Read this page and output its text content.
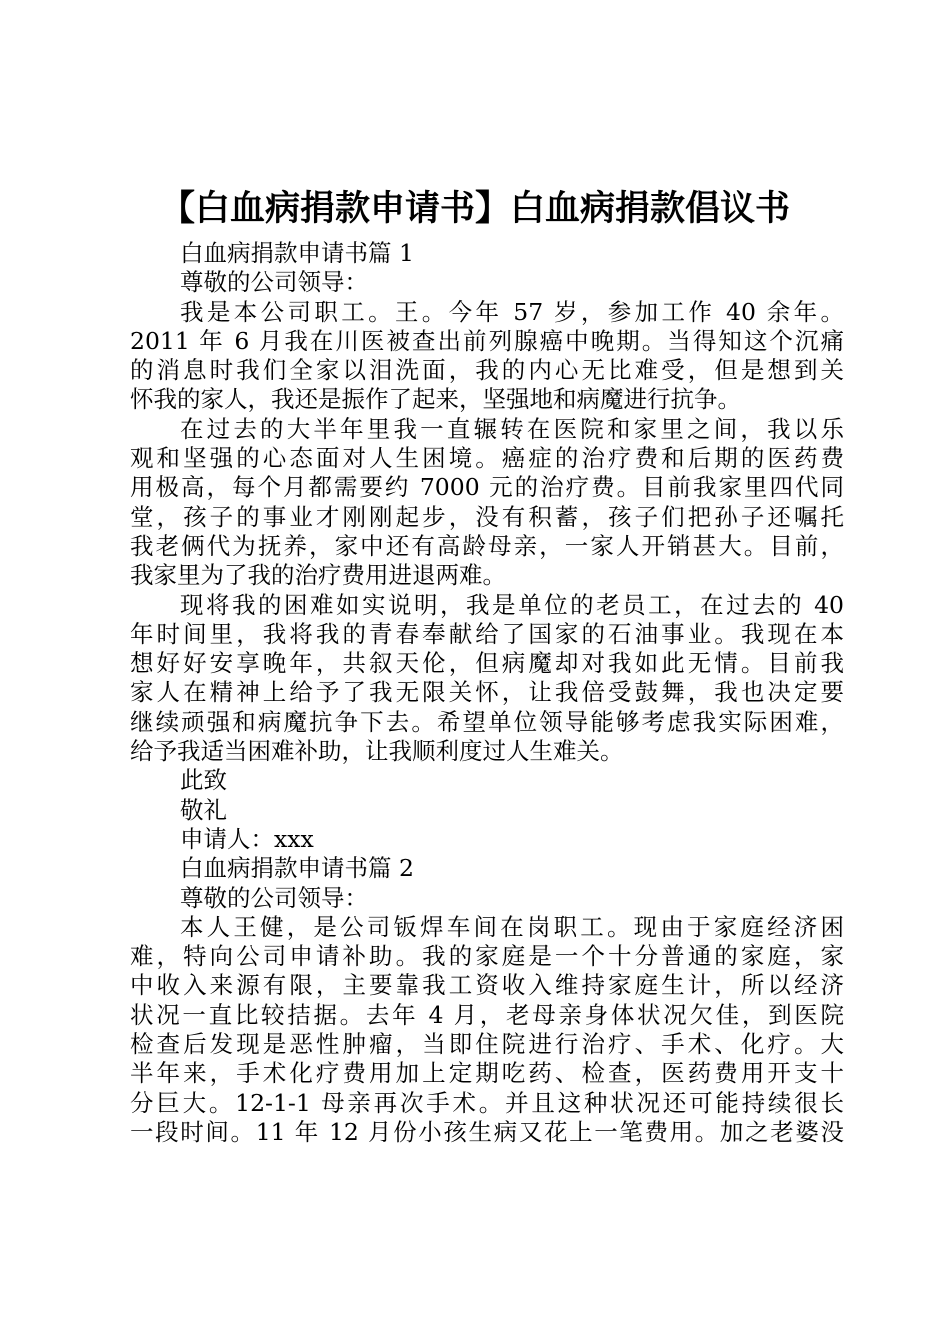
【白血病捐款申请书】白血病捐款倡议书
白血病捐款申请书篇 1
尊敬的公司领导：
我是本公司职工。王。今年 57 岁，参加工作 40 余年。
2011 年 6 月我在川医被查出前列腺癌中晚期。当得知这个沉痛
的消息时我们全家以泪洗面，我的内心无比难受，但是想到关
怀我的家人，我还是振作了起来，坚强地和病魔进行抗争。
在过去的大半年里我一直辗转在医院和家里之间，我以乐
观和坚强的心态面对人生困境。癌症的治疗费和后期的医药费
用极高，每个月都需要约 7000 元的治疗费。目前我家里四代同
堂，孩子的事业才刚刚起步，没有积蓄，孩子们把孙子还嘱托
我老俩代为抚养，家中还有高龄母亲，一家人开销甚大。目前，
我家里为了我的治疗费用进退两难。
现将我的困难如实说明，我是单位的老员工，在过去的 40
年时间里，我将我的青春奉献给了国家的石油事业。我现在本
想好好安享晚年，共叙天伦，但病魔却对我如此无情。目前我
家人在精神上给予了我无限关怀，让我倍受鼓舞，我也决定要
继续顽强和病魔抗争下去。希望单位领导能够考虑我实际困难，
给予我适当困难补助，让我顺利度过人生难关。
此致
敬礼
申请人：xxx
白血病捐款申请书篇 2
尊敬的公司领导：
本人王健，是公司钣焊车间在岗职工。现由于家庭经济困
难，特向公司申请补助。我的家庭是一个十分普通的家庭，家
中收入来源有限，主要靠我工资收入维持家庭生计，所以经济
状况一直比较拮据。去年 4 月，老母亲身体状况欠佳，到医院
检查后发现是恶性肿瘤，当即住院进行治疗、手术、化疗。大
半年来，手术化疗费用加上定期吃药、检查，医药费用开支十
分巨大。12-1-1 母亲再次手术。并且这种状况还可能持续很长
一段时间。11 年 12 月份小孩生病又花上一笔费用。加之老婆没
